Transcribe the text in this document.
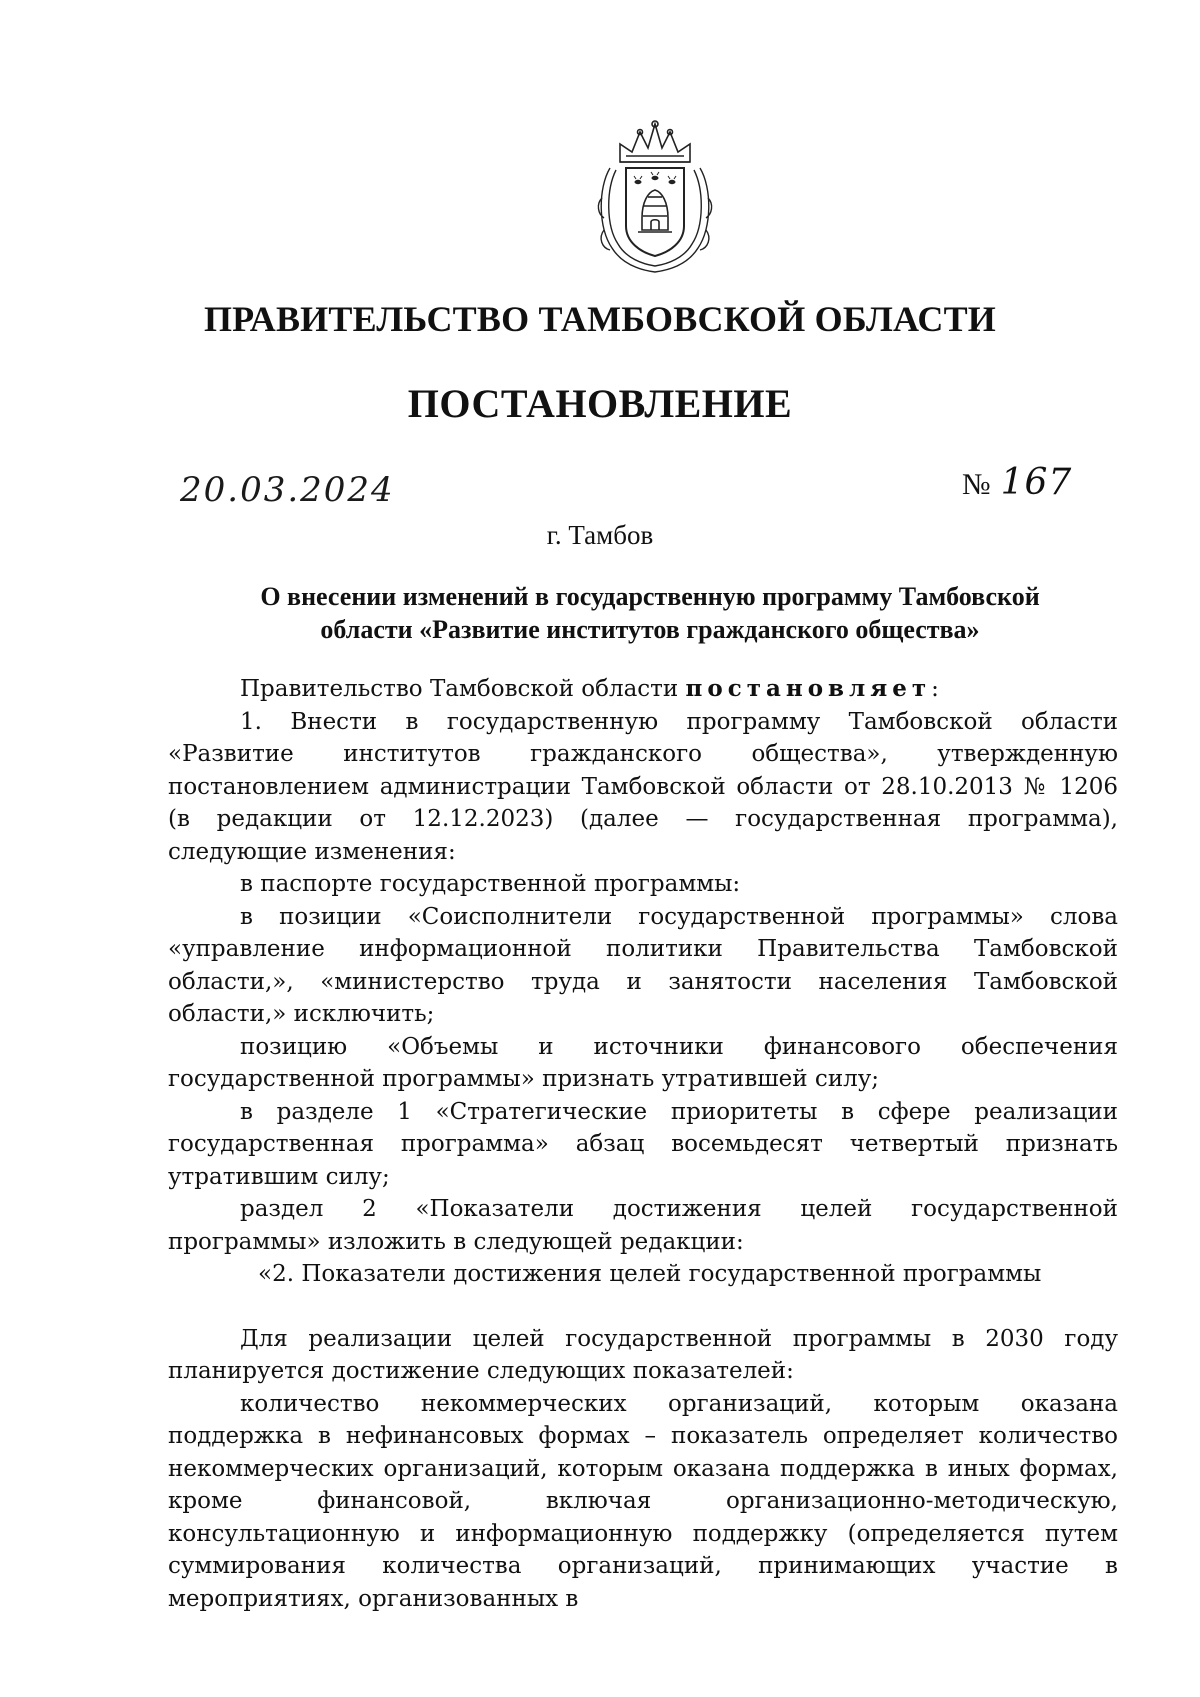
ПРАВИТЕЛЬСТВО ТАМБОВСКОЙ ОБЛАСТИ
ПОСТАНОВЛЕНИЕ
20.03.2024	№ 167
г. Тамбов
О внесении изменений в государственную программу Тамбовской
области «Развитие институтов гражданского общества»

Правительство Тамбовской области постановляет:

1. Внести в государственную программу Тамбовской области «Развитие институтов гражданского общества», утвержденную постановлением администрации Тамбовской области от 28.10.2013 № 1206 (в редакции от 12.12.2023) (далее — государственная программа), следующие изменения:

в паспорте государственной программы:

в позиции «Соисполнители государственной программы» слова «управление информационной политики Правительства Тамбовской области,», «министерство труда и занятости населения Тамбовской области,» исключить;

позицию «Объемы и источники финансового обеспечения государственной программы» признать утратившей силу;

в разделе 1 «Стратегические приоритеты в сфере реализации государственная программа» абзац восемьдесят четвертый признать утратившим силу;

раздел 2 «Показатели достижения целей государственной программы» изложить в следующей редакции:

«2. Показатели достижения целей государственной программы

Для реализации целей государственной программы в 2030 году планируется достижение следующих показателей:

количество некоммерческих организаций, которым оказана поддержка в нефинансовых формах – показатель определяет количество некоммерческих организаций, которым оказана поддержка в иных формах, кроме финансовой, включая организационно-методическую, консультационную и информационную поддержку (определяется путем суммирования количества организаций, принимающих участие в мероприятиях, организованных в
